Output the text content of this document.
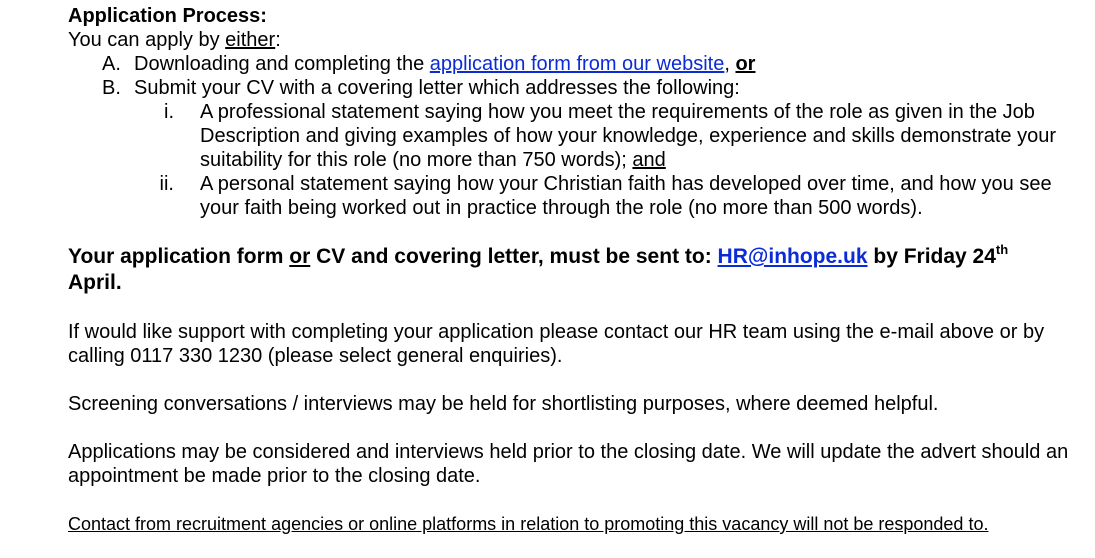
Application Process:
You can apply by either:
A. Downloading and completing the application form from our website, or
B. Submit your CV with a covering letter which addresses the following:
i. A professional statement saying how you meet the requirements of the role as given in the Job Description and giving examples of how your knowledge, experience and skills demonstrate your suitability for this role (no more than 750 words); and
ii. A personal statement saying how your Christian faith has developed over time, and how you see your faith being worked out in practice through the role (no more than 500 words).
Your application form or CV and covering letter, must be sent to: HR@inhope.uk by Friday 24th
April.
If would like support with completing your application please contact our HR team using the e-mail above or by calling 0117 330 1230 (please select general enquiries).
Screening conversations / interviews may be held for shortlisting purposes, where deemed helpful.
Applications may be considered and interviews held prior to the closing date. We will update the advert should an appointment be made prior to the closing date.
Contact from recruitment agencies or online platforms in relation to promoting this vacancy will not be responded to.
